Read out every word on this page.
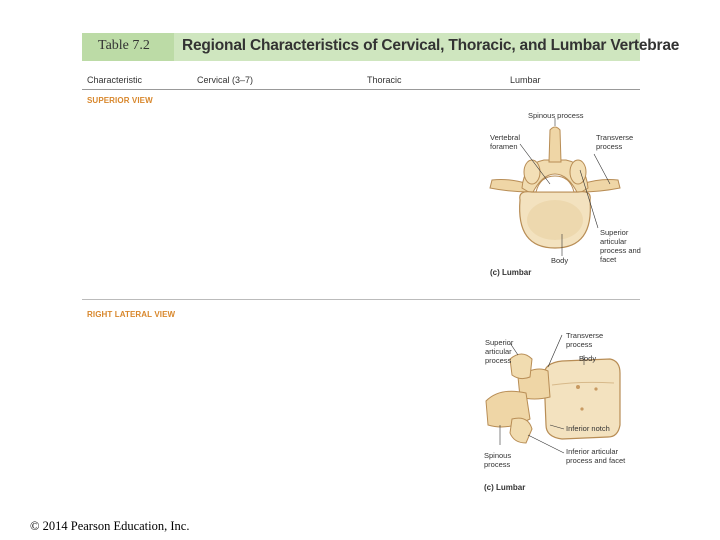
Table 7.2 Regional Characteristics of Cervical, Thoracic, and Lumbar Vertebrae
Characteristic	Cervical (3–7)	Thoracic	Lumbar
SUPERIOR VIEW
Spinous process
Vertebral foramen
Transverse process
Superior articular process and facet
Body
(c) Lumbar
RIGHT LATERAL VIEW
Superior articular process
Transverse process
Body
Inferior notch
Spinous process
Inferior articular process and facet
(c) Lumbar
© 2014 Pearson Education, Inc.
